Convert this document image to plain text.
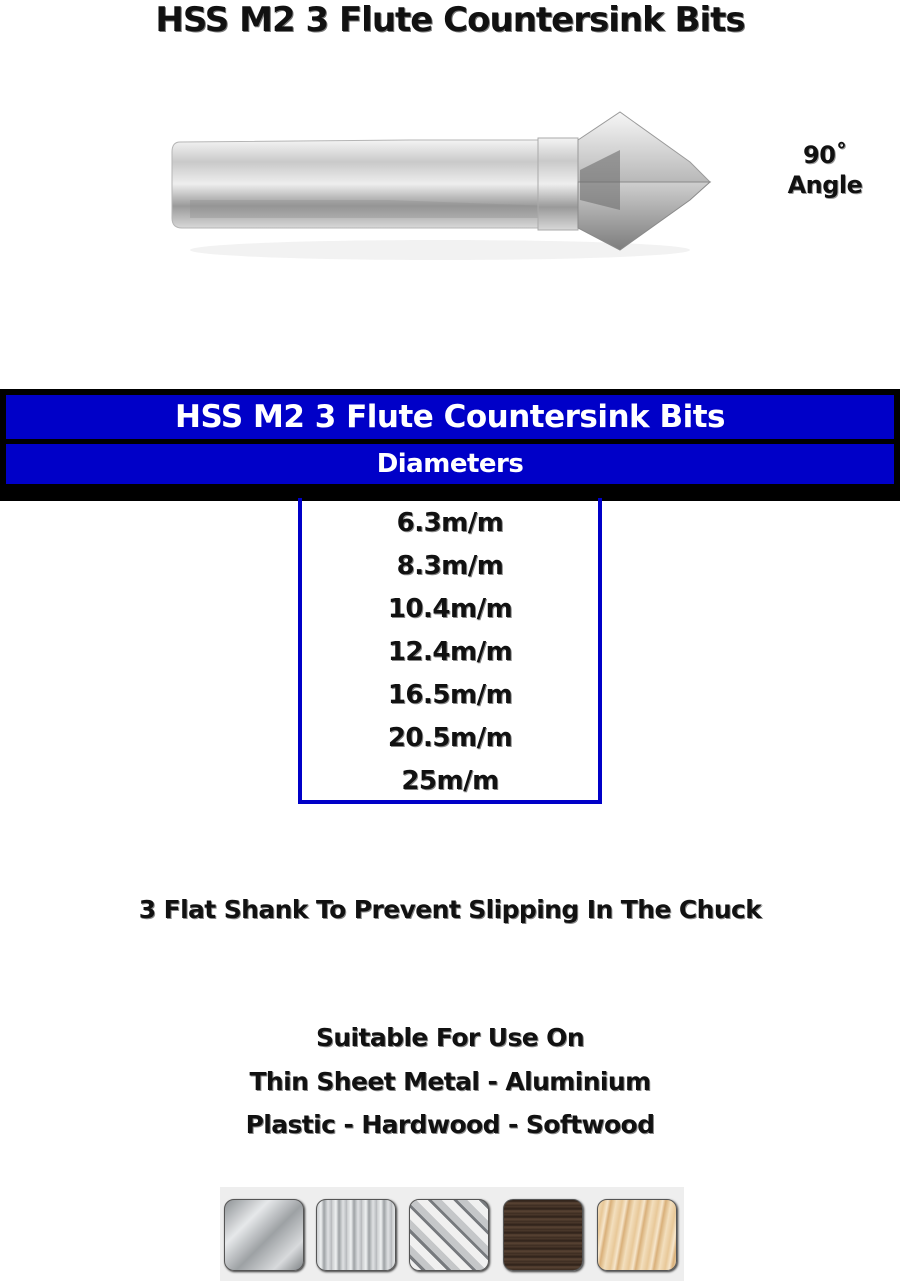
HSS M2 3 Flute Countersink Bits
90˚
Angle
HSS M2 3 Flute Countersink Bits
Diameters
6.3m/m
8.3m/m
10.4m/m
12.4m/m
16.5m/m
20.5m/m
25m/m
3 Flat Shank To Prevent Slipping In The Chuck
Suitable For Use On
Thin Sheet Metal - Aluminium
Plastic - Hardwood - Softwood
